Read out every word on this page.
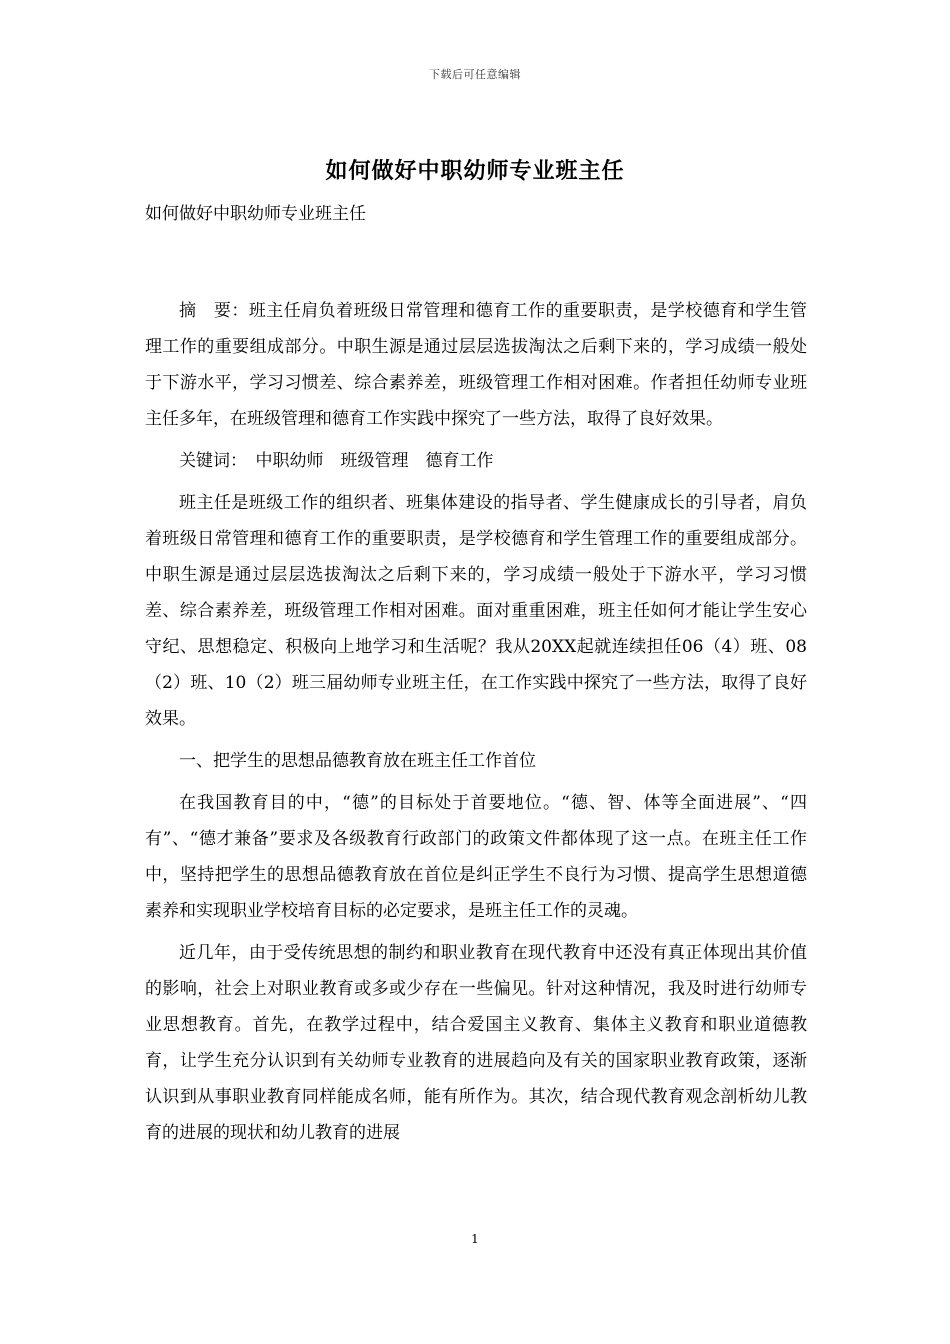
下载后可任意编辑
如何做好中职幼师专业班主任

如何做好中职幼师专业班主任

摘　要：班主任肩负着班级日常管理和德育工作的重要职责，是学校德育和学生管理工作的重要组成部分。中职生源是通过层层选拔淘汰之后剩下来的，学习成绩一般处于下游水平，学习习惯差、综合素养差，班级管理工作相对困难。作者担任幼师专业班主任多年，在班级管理和德育工作实践中探究了一些方法，取得了良好效果。

关键词：　中职幼师　班级管理　德育工作

班主任是班级工作的组织者、班集体建设的指导者、学生健康成长的引导者，肩负着班级日常管理和德育工作的重要职责，是学校德育和学生管理工作的重要组成部分。中职生源是通过层层选拔淘汰之后剩下来的，学习成绩一般处于下游水平，学习习惯差、综合素养差，班级管理工作相对困难。面对重重困难，班主任如何才能让学生安心守纪、思想稳定、积极向上地学习和生活呢？我从20XX起就连续担任06（4）班、08（2）班、10（2）班三届幼师专业班主任，在工作实践中探究了一些方法，取得了良好效果。

一、把学生的思想品德教育放在班主任工作首位

在我国教育目的中，“德”的目标处于首要地位。“德、智、体等全面进展”、“四有”、“德才兼备”要求及各级教育行政部门的政策文件都体现了这一点。在班主任工作中，坚持把学生的思想品德教育放在首位是纠正学生不良行为习惯、提高学生思想道德素养和实现职业学校培育目标的必定要求，是班主任工作的灵魂。

近几年，由于受传统思想的制约和职业教育在现代教育中还没有真正体现出其价值的影响，社会上对职业教育或多或少存在一些偏见。针对这种情况，我及时进行幼师专业思想教育。首先，在教学过程中，结合爱国主义教育、集体主义教育和职业道德教育，让学生充分认识到有关幼师专业教育的进展趋向及有关的国家职业教育政策，逐渐认识到从事职业教育同样能成名师，能有所作为。其次，结合现代教育观念剖析幼儿教育的进展的现状和幼儿教育的进展

1
